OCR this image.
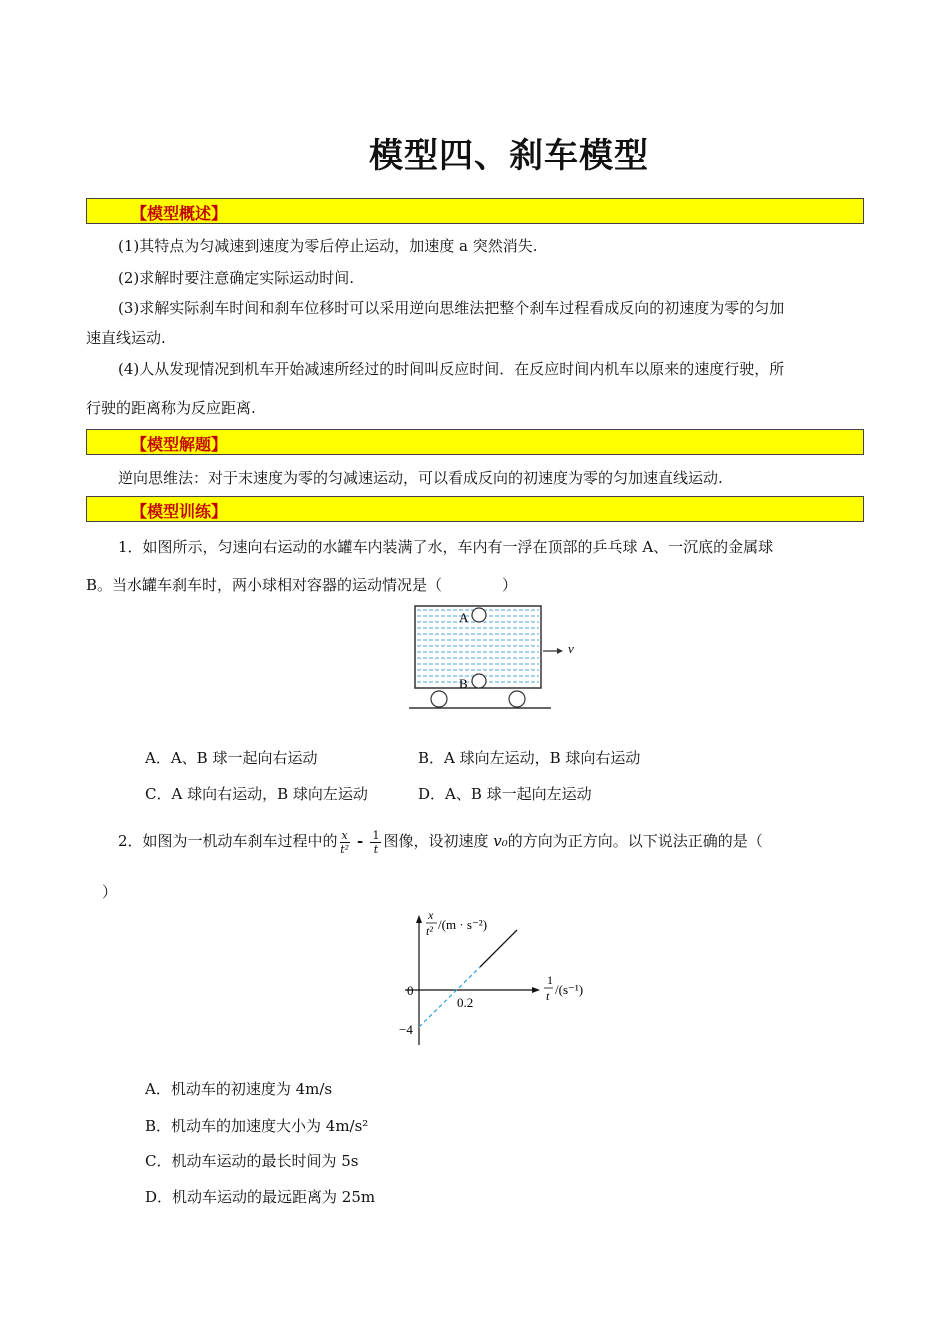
模型四、刹车模型
【模型概述】
(1)其特点为匀减速到速度为零后停止运动，加速度 a 突然消失.
(2)求解时要注意确定实际运动时间.
(3)求解实际刹车时间和刹车位移时可以采用逆向思维法把整个刹车过程看成反向的初速度为零的匀加
速直线运动.
(4)人从发现情况到机车开始减速所经过的时间叫反应时间．在反应时间内机车以原来的速度行驶，所
行驶的距离称为反应距离.
【模型解题】
逆向思维法：对于末速度为零的匀减速运动，可以看成反向的初速度为零的匀加速直线运动.
【模型训练】
1．如图所示，匀速向右运动的水罐车内装满了水，车内有一浮在顶部的乒乓球 A、一沉底的金属球
B。当水罐车刹车时，两小球相对容器的运动情况是（　　　　）
A
B
v
A．A、B 球一起向右运动	B．A 球向左运动，B 球向右运动
C．A 球向右运动，B 球向左运动	D．A、B 球一起向左运动
2．如图为一机动车刹车过程中的 $\frac{x}{\text{t²}} - \frac{1}{t}$ 图像，设初速度 v₀的方向为正方向。以下说法正确的是（
）
x
t² /(m · s⁻²)
1
t /(s⁻¹)
0
0.2
−4
A．机动车的初速度为 4m/s
B．机动车的加速度大小为 4m/s²
C．机动车运动的最长时间为 5s
D．机动车运动的最远距离为 25m
